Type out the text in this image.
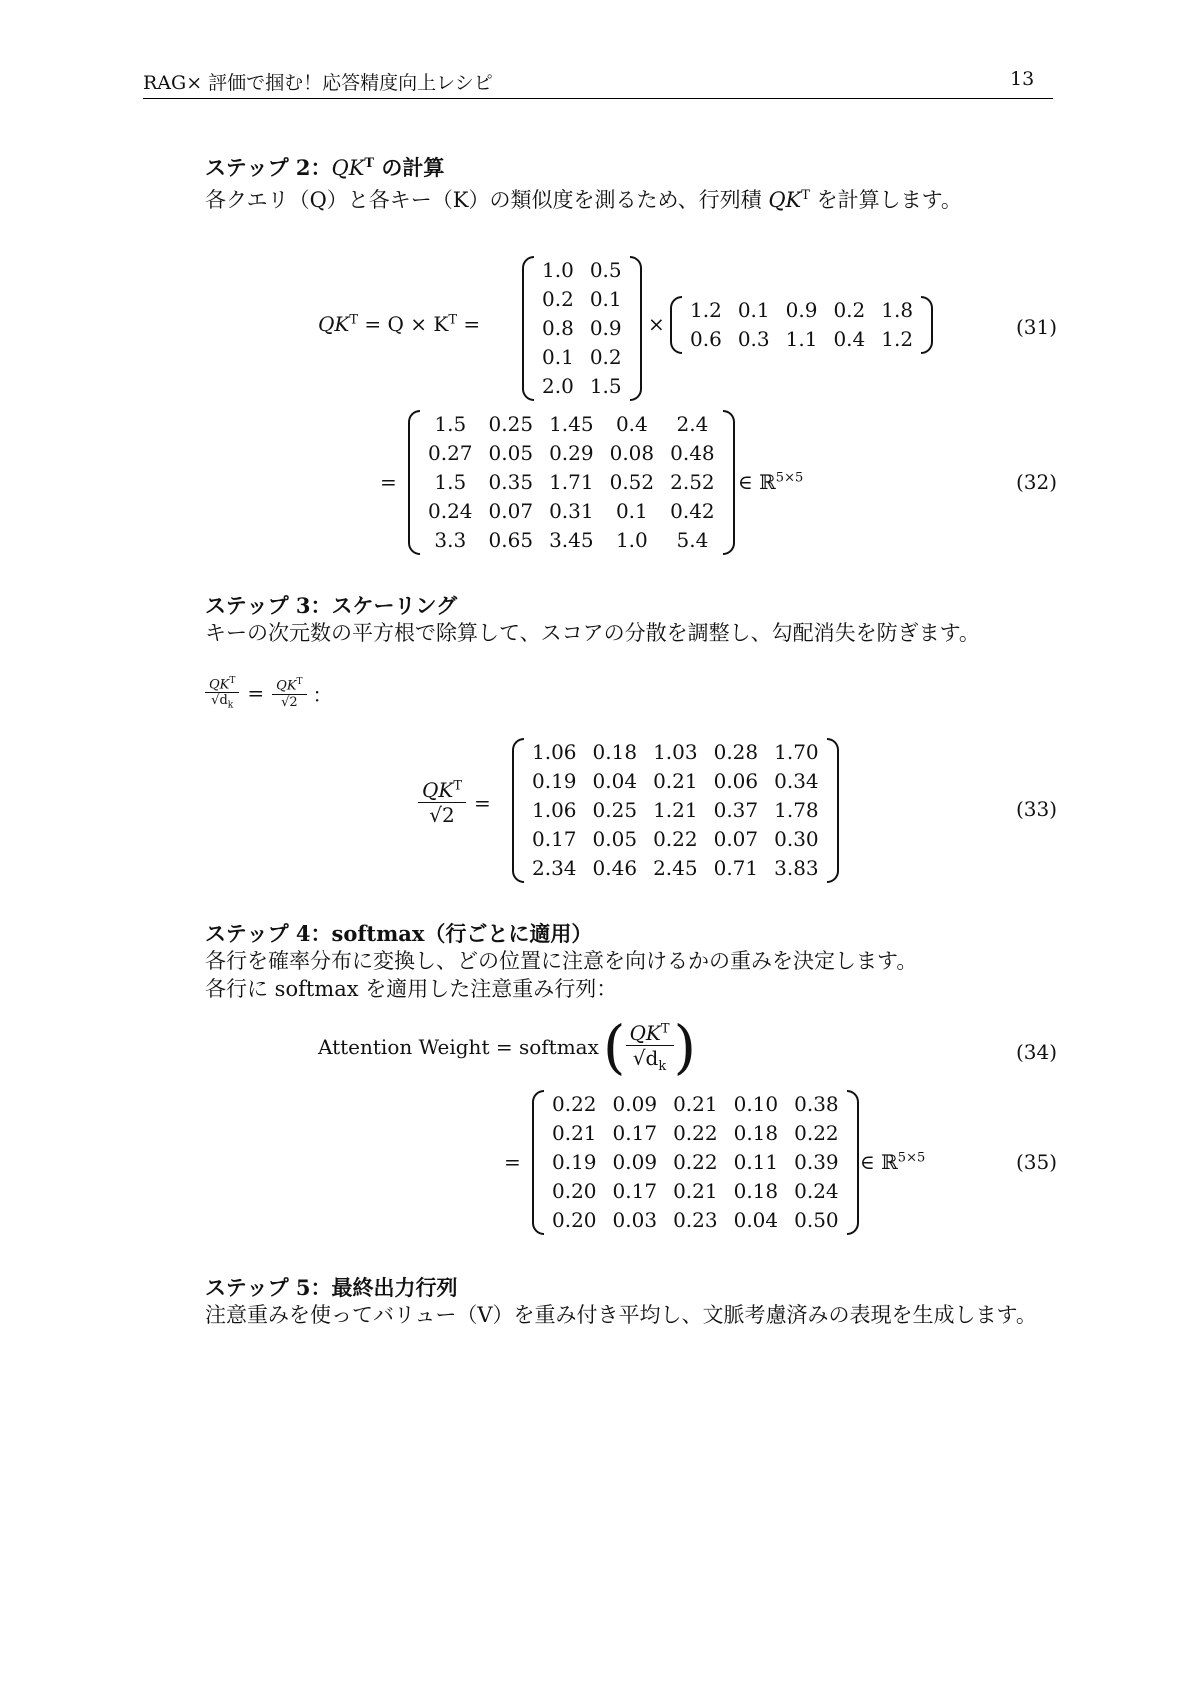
RAG× 評価で掴む！応答精度向上レシピ	13
ステップ 2：$QK^T$ の計算
各クエリ（Q）と各キー（K）の類似度を測るため、行列積 $QK^T$ を計算します。
$QK^T = Q \times K^T$ =
1.0	0.5
0.2	0.1
0.8	0.9
0.1	0.2
2.0	1.5
×
1.2	0.1	0.9	0.2	1.8
0.6	0.3	1.1	0.4	1.2	(31)
=
1.5	0.25	1.45	0.4	2.4
0.27	0.05	0.29	0.08	0.48
1.5	0.35	1.71	0.52	2.52
0.24	0.07	0.31	0.1	0.42
3.3	0.65	3.45	1.0	5.4
∈ ℝ$^{5\times 5}$	(32)
ステップ 3：スケーリング
キーの次元数の平方根で除算して、スコアの分散を調整し、勾配消失を防ぎます。
$\frac{QK^T}{√d_k} = \frac{QK^T}{√2}$ ：
$\frac{QK^T}{√2}$ =
1.06	0.18	1.03	0.28	1.70
0.19	0.04	0.21	0.06	0.34
1.06	0.25	1.21	0.37	1.78
0.17	0.05	0.22	0.07	0.30
2.34	0.46	2.45	0.71	3.83
(33)
ステップ 4：softmax（行ごとに適用）
各行を確率分布に変換し、どの位置に注意を向けるかの重みを決定します。
各行に softmax を適用した注意重み行列：
Attention Weight = softmax ( $\frac{QK^T}{√d_k}$ )	(34)
=
0.22	0.09	0.21	0.10	0.38
0.21	0.17	0.22	0.18	0.22
0.19	0.09	0.22	0.11	0.39
0.20	0.17	0.21	0.18	0.24
0.20	0.03	0.23	0.04	0.50
∈ ℝ$^{5\times 5}$	(35)
ステップ 5：最終出力行列
注意重みを使ってバリュー（V）を重み付き平均し、文脈考慮済みの表現を生成します。
